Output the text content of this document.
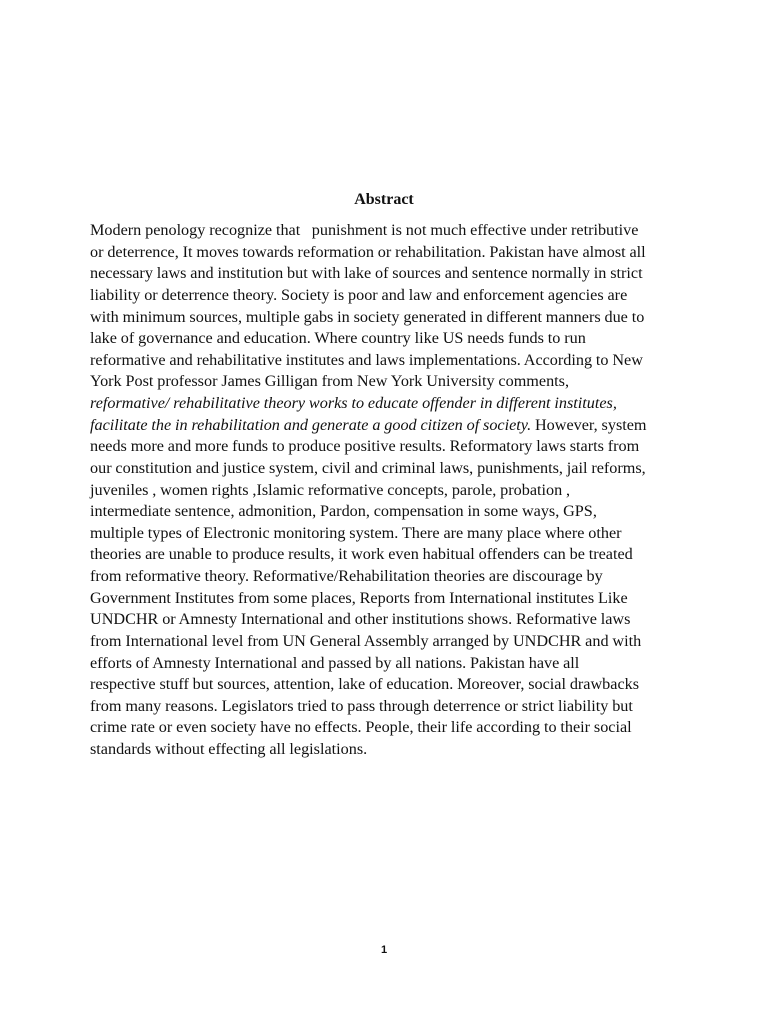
Abstract
Modern penology recognize that   punishment is not much effective under retributive
or deterrence, It moves towards reformation or rehabilitation. Pakistan have almost all
necessary laws and institution but with lake of sources and sentence normally in strict
liability or deterrence theory. Society is poor and law and enforcement agencies are
with minimum sources, multiple gabs in society generated in different manners due to
lake of governance and education. Where country like US needs funds to run
reformative and rehabilitative institutes and laws implementations. According to New
York Post professor James Gilligan from New York University comments,
reformative/ rehabilitative theory works to educate offender in different institutes,
facilitate the in rehabilitation and generate a good citizen of society. However, system
needs more and more funds to produce positive results. Reformatory laws starts from
our constitution and justice system, civil and criminal laws, punishments, jail reforms,
juveniles , women rights ,Islamic reformative concepts, parole, probation ,
intermediate sentence, admonition, Pardon, compensation in some ways, GPS,
multiple types of Electronic monitoring system. There are many place where other
theories are unable to produce results, it work even habitual offenders can be treated
from reformative theory. Reformative/Rehabilitation theories are discourage by
Government Institutes from some places, Reports from International institutes Like
UNDCHR or Amnesty International and other institutions shows. Reformative laws
from International level from UN General Assembly arranged by UNDCHR and with
efforts of Amnesty International and passed by all nations. Pakistan have all
respective stuff but sources, attention, lake of education. Moreover, social drawbacks
from many reasons. Legislators tried to pass through deterrence or strict liability but
crime rate or even society have no effects. People, their life according to their social
standards without effecting all legislations.
1
